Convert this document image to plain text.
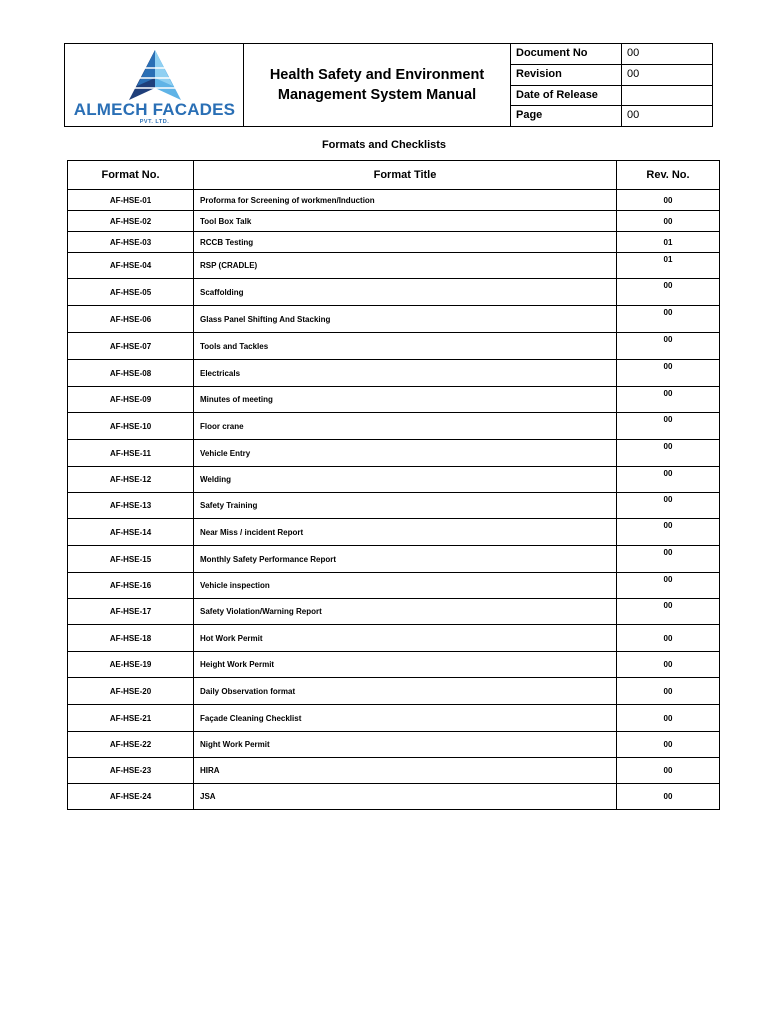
ALMECH FACADES
PVT. LTD.
Health Safety and Environment
Management System Manual
Document No	00
Revision	00
Date of Release
Page	00
Formats and Checklists
Format No.	Format Title	Rev. No.
AF-HSE-01	Proforma for Screening of workmen/Induction	00
AF-HSE-02	Tool Box Talk	00
AF-HSE-03	RCCB Testing	01
AF-HSE-04	RSP (CRADLE)	01
AF-HSE-05	Scaffolding	00
AF-HSE-06	Glass Panel Shifting And Stacking	00
AF-HSE-07	Tools and Tackles	00
AF-HSE-08	Electricals	00
AF-HSE-09	Minutes of meeting	00
AF-HSE-10	Floor crane	00
AF-HSE-11	Vehicle Entry	00
AF-HSE-12	Welding	00
AF-HSE-13	Safety Training	00
AF-HSE-14	Near Miss / incident Report	00
AF-HSE-15	Monthly Safety Performance Report	00
AF-HSE-16	Vehicle inspection	00
AF-HSE-17	Safety Violation/Warning Report	00
AF-HSE-18	Hot Work Permit	00
AE-HSE-19	Height Work Permit	00
AF-HSE-20	Daily Observation format	00
AF-HSE-21	Façade Cleaning Checklist	00
AF-HSE-22	Night Work Permit	00
AF-HSE-23	HIRA	00
AF-HSE-24	JSA	00
